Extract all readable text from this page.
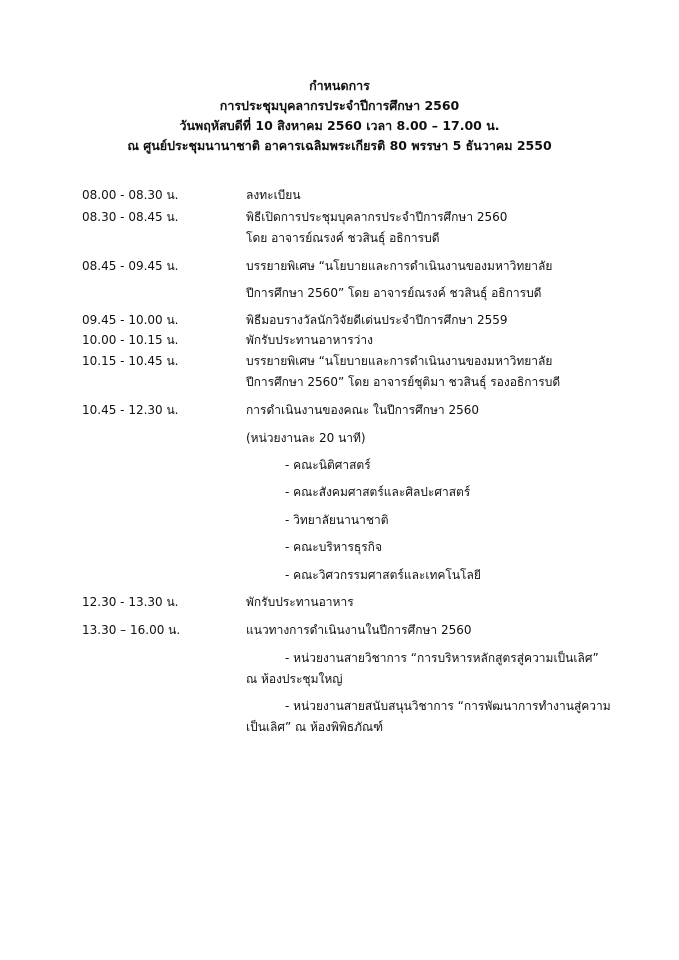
กำหนดการ
การประชุมบุคลากรประจำปีการศึกษา 2560
วันพฤหัสบดีที่ 10 สิงหาคม 2560 เวลา 8.00 – 17.00 น.
ณ ศูนย์ประชุมนานาชาติ อาคารเฉลิมพระเกียรติ 80 พรรษา 5 ธันวาคม 2550
08.00 - 08.30 น.	ลงทะเบียน
08.30 - 08.45 น.	พิธีเปิดการประชุมบุคลากรประจำปีการศึกษา 2560
โดย อาจารย์ณรงค์ ชวสินธุ์ อธิการบดี
08.45 - 09.45 น.	บรรยายพิเศษ “นโยบายและการดำเนินงานของมหาวิทยาลัย
ปีการศึกษา 2560” โดย อาจารย์ณรงค์ ชวสินธุ์ อธิการบดี
09.45 - 10.00 น.	พิธีมอบรางวัลนักวิจัยดีเด่นประจำปีการศึกษา 2559
10.00 - 10.15 น.	พักรับประทานอาหารว่าง
10.15 - 10.45 น.	บรรยายพิเศษ “นโยบายและการดำเนินงานของมหาวิทยาลัย
ปีการศึกษา 2560” โดย อาจารย์ชุติมา ชวสินธุ์ รองอธิการบดี
10.45 - 12.30 น.	การดำเนินงานของคณะ ในปีการศึกษา 2560
(หน่วยงานละ 20 นาที)
- คณะนิติศาสตร์
- คณะสังคมศาสตร์และศิลปะศาสตร์
- วิทยาลัยนานาชาติ
- คณะบริหารธุรกิจ
- คณะวิศวกรรมศาสตร์และเทคโนโลยี
12.30 - 13.30 น.	พักรับประทานอาหาร
13.30 – 16.00 น.	แนวทางการดำเนินงานในปีการศึกษา 2560
- หน่วยงานสายวิชาการ “การบริหารหลักสูตรสู่ความเป็นเลิศ”
ณ ห้องประชุมใหญ่
- หน่วยงานสายสนับสนุนวิชาการ “การพัฒนาการทำงานสู่ความ
เป็นเลิศ” ณ ห้องพิพิธภัณฑ์
